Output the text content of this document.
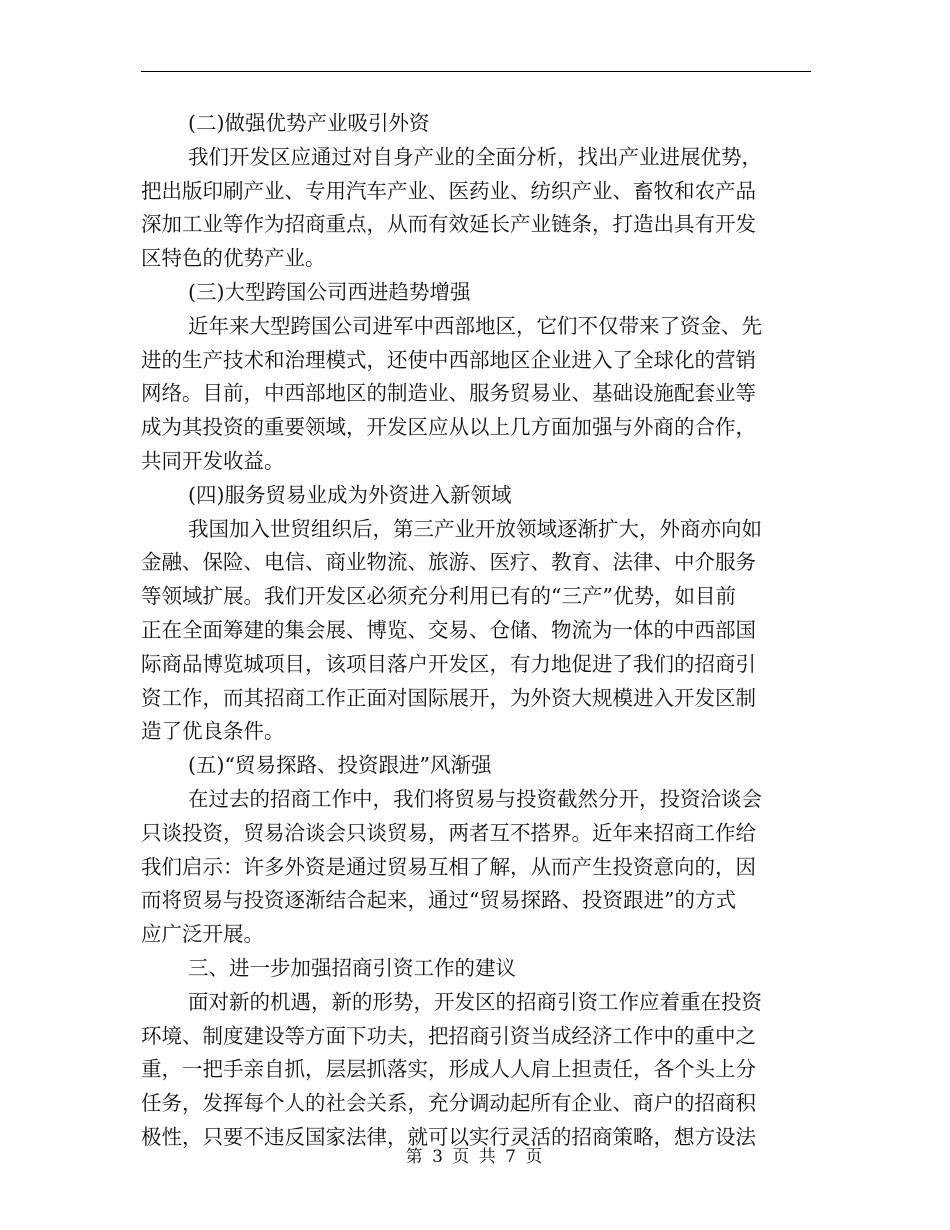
(二)做强优势产业吸引外资
我们开发区应通过对自身产业的全面分析，找出产业进展优势，
把出版印刷产业、专用汽车产业、医药业、纺织产业、畜牧和农产品
深加工业等作为招商重点，从而有效延长产业链条，打造出具有开发
区特色的优势产业。
(三)大型跨国公司西进趋势增强
近年来大型跨国公司进军中西部地区，它们不仅带来了资金、先
进的生产技术和治理模式，还使中西部地区企业进入了全球化的营销
网络。目前，中西部地区的制造业、服务贸易业、基础设施配套业等
成为其投资的重要领域，开发区应从以上几方面加强与外商的合作，
共同开发收益。
(四)服务贸易业成为外资进入新领域
我国加入世贸组织后，第三产业开放领域逐渐扩大，外商亦向如
金融、保险、电信、商业物流、旅游、医疗、教育、法律、中介服务
等领域扩展。我们开发区必须充分利用已有的“三产”优势，如目前
正在全面筹建的集会展、博览、交易、仓储、物流为一体的中西部国
际商品博览城项目，该项目落户开发区，有力地促进了我们的招商引
资工作，而其招商工作正面对国际展开，为外资大规模进入开发区制
造了优良条件。
(五)“贸易探路、投资跟进”风渐强
在过去的招商工作中，我们将贸易与投资截然分开，投资洽谈会
只谈投资，贸易洽谈会只谈贸易，两者互不搭界。近年来招商工作给
我们启示：许多外资是通过贸易互相了解，从而产生投资意向的，因
而将贸易与投资逐渐结合起来，通过“贸易探路、投资跟进”的方式
应广泛开展。
三、进一步加强招商引资工作的建议
面对新的机遇，新的形势，开发区的招商引资工作应着重在投资
环境、制度建设等方面下功夫，把招商引资当成经济工作中的重中之
重，一把手亲自抓，层层抓落实，形成人人肩上担责任，各个头上分
任务，发挥每个人的社会关系，充分调动起所有企业、商户的招商积
极性，只要不违反国家法律，就可以实行灵活的招商策略，想方设法
第 3 页 共 7 页
